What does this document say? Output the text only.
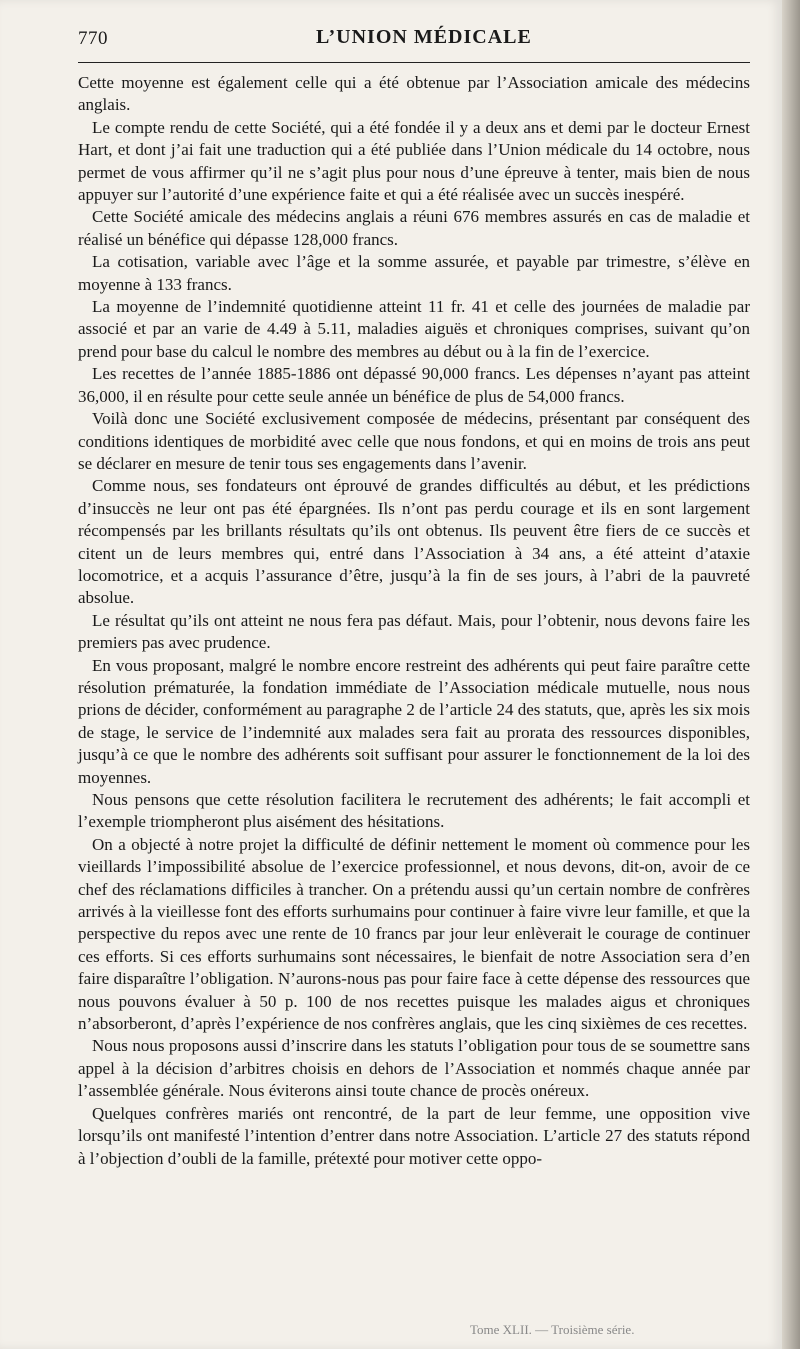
770	L’UNION MÉDICALE

Cette moyenne est également celle qui a été obtenue par l’Association amicale des médecins anglais.

Le compte rendu de cette Société, qui a été fondée il y a deux ans et demi par le docteur Ernest Hart, et dont j’ai fait une traduction qui a été publiée dans l’Union médicale du 14 octobre, nous permet de vous affirmer qu’il ne s’agit plus pour nous d’une épreuve à tenter, mais bien de nous appuyer sur l’autorité d’une expérience faite et qui a été réalisée avec un succès inespéré.

Cette Société amicale des médecins anglais a réuni 676 membres assurés en cas de maladie et réalisé un bénéfice qui dépasse 128,000 francs.

La cotisation, variable avec l’âge et la somme assurée, et payable par trimestre, s’élève en moyenne à 133 francs.

La moyenne de l’indemnité quotidienne atteint 11 fr. 41 et celle des journées de maladie par associé et par an varie de 4.49 à 5.11, maladies aiguës et chroniques comprises, suivant qu’on prend pour base du calcul le nombre des membres au début ou à la fin de l’exercice.

Les recettes de l’année 1885-1886 ont dépassé 90,000 francs. Les dépenses n’ayant pas atteint 36,000, il en résulte pour cette seule année un bénéfice de plus de 54,000 francs.

Voilà donc une Société exclusivement composée de médecins, présentant par conséquent des conditions identiques de morbidité avec celle que nous fondons, et qui en moins de trois ans peut se déclarer en mesure de tenir tous ses engagements dans l’avenir.

Comme nous, ses fondateurs ont éprouvé de grandes difficultés au début, et les prédictions d’insuccès ne leur ont pas été épargnées. Ils n’ont pas perdu courage et ils en sont largement récompensés par les brillants résultats qu’ils ont obtenus. Ils peuvent être fiers de ce succès et citent un de leurs membres qui, entré dans l’Association à 34 ans, a été atteint d’ataxie locomotrice, et a acquis l’assurance d’être, jusqu’à la fin de ses jours, à l’abri de la pauvreté absolue.

Le résultat qu’ils ont atteint ne nous fera pas défaut. Mais, pour l’obtenir, nous devons faire les premiers pas avec prudence.

En vous proposant, malgré le nombre encore restreint des adhérents qui peut faire paraître cette résolution prématurée, la fondation immédiate de l’Association médicale mutuelle, nous nous prions de décider, conformément au paragraphe 2 de l’article 24 des statuts, que, après les six mois de stage, le service de l’indemnité aux malades sera fait au prorata des ressources disponibles, jusqu’à ce que le nombre des adhérents soit suffisant pour assurer le fonctionnement de la loi des moyennes.

Nous pensons que cette résolution facilitera le recrutement des adhérents; le fait accompli et l’exemple triompheront plus aisément des hésitations.

On a objecté à notre projet la difficulté de définir nettement le moment où commence pour les vieillards l’impossibilité absolue de l’exercice professionnel, et nous devons, dit-on, avoir de ce chef des réclamations difficiles à trancher. On a prétendu aussi qu’un certain nombre de confrères arrivés à la vieillesse font des efforts surhumains pour continuer à faire vivre leur famille, et que la perspective du repos avec une rente de 10 francs par jour leur enlèverait le courage de continuer ces efforts. Si ces efforts surhumains sont nécessaires, le bienfait de notre Association sera d’en faire disparaître l’obligation. N’aurons-nous pas pour faire face à cette dépense des ressources que nous pouvons évaluer à 50 p. 100 de nos recettes puisque les malades aigus et chroniques n’absorberont, d’après l’expérience de nos confrères anglais, que les cinq sixièmes de ces recettes.

Nous nous proposons aussi d’inscrire dans les statuts l’obligation pour tous de se soumettre sans appel à la décision d’arbitres choisis en dehors de l’Association et nommés chaque année par l’assemblée générale. Nous éviterons ainsi toute chance de procès onéreux.

Quelques confrères mariés ont rencontré, de la part de leur femme, une opposition vive lorsqu’ils ont manifesté l’intention d’entrer dans notre Association. L’article 27 des statuts répond à l’objection d’oubli de la famille, prétexté pour motiver cette oppo-

Tome XLII. — Troisième série.
